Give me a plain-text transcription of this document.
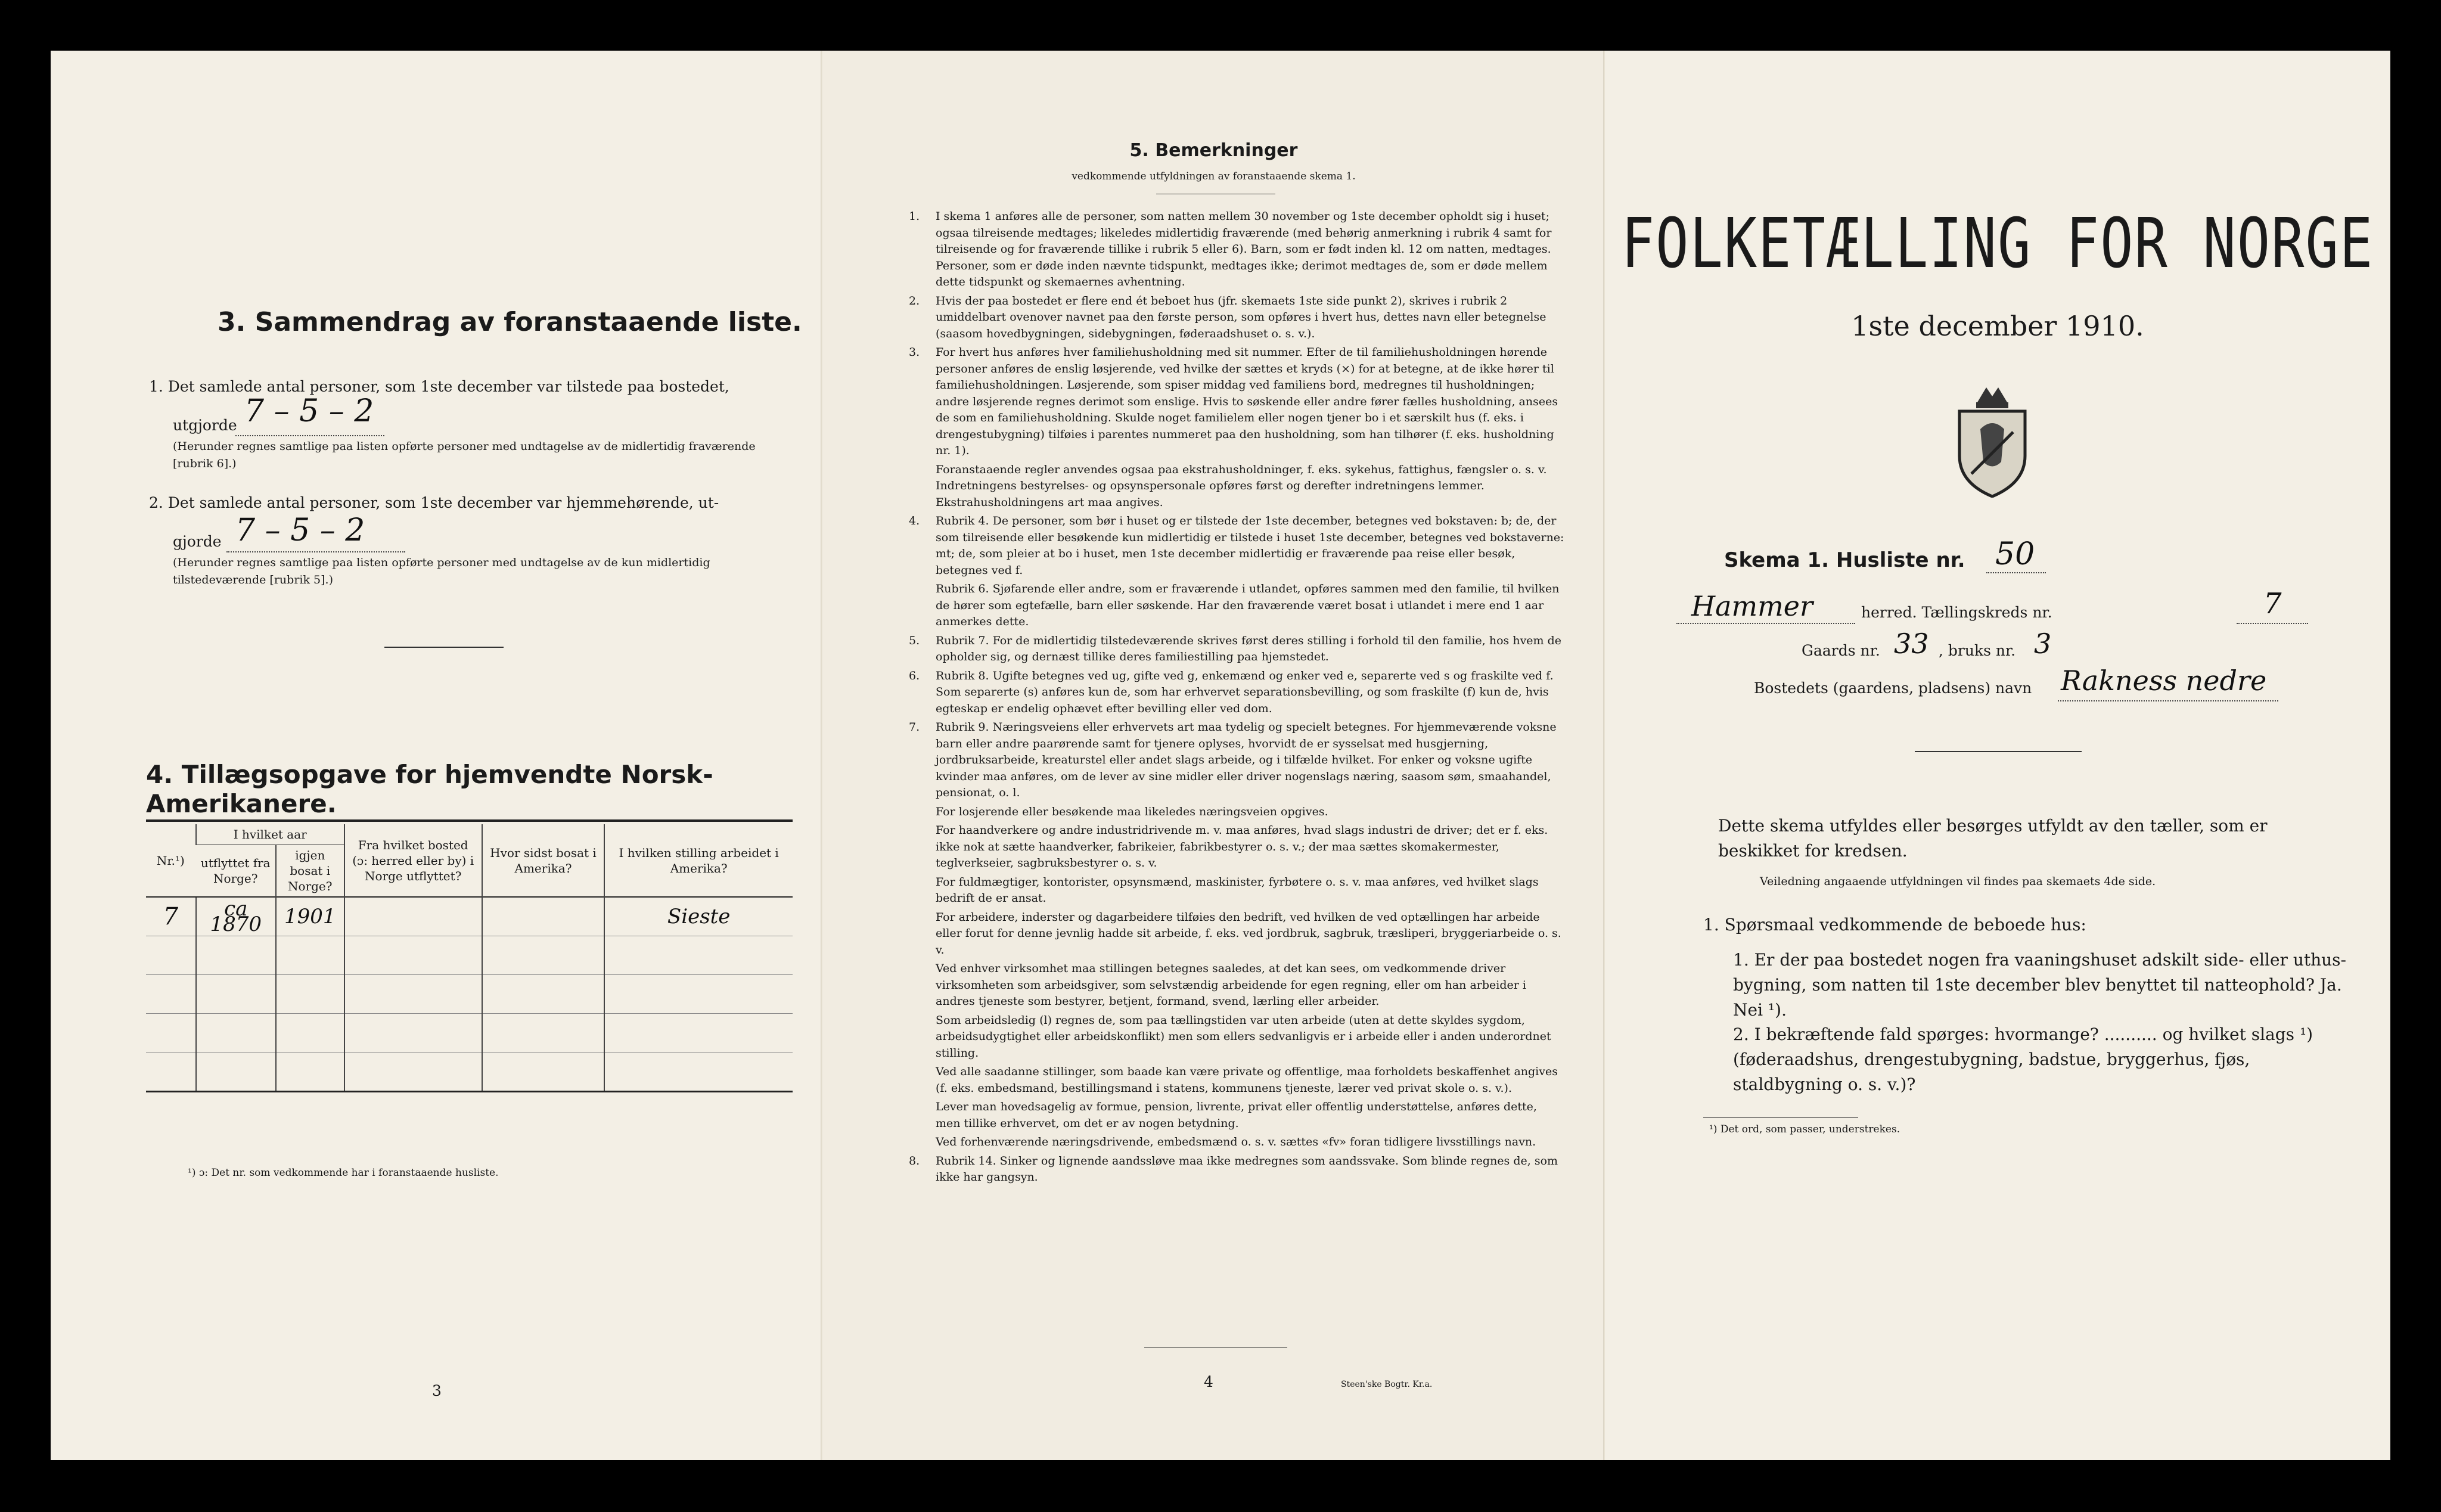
3. Sammendrag av foranstaaende liste.
1. Det samlede antal personer, som 1ste december var tilstede paa bostedet,
utgjorde 7 – 5 – 2
(Herunder regnes samtlige paa listen opførte personer med undtagelse av de midlertidig fraværende [rubrik 6].)
2. Det samlede antal personer, som 1ste december var hjemmehørende, ut-
gjorde 7 – 5 – 2
(Herunder regnes samtlige paa listen opførte personer med undtagelse av de kun midlertidig tilstedeværende [rubrik 5].)
4. Tillægsopgave for hjemvendte Norsk-Amerikanere.
Nr.¹)	I hvilket aar		Fra hvilket bosted (ɔ: herred eller by) i Norge utflyttet?	Hvor sidst bosat i Amerika?	I hvilken stilling arbeidet i Amerika?
	utflyttet fra Norge?	igjen bosat i Norge?			
7	ca 1870	1901			Sieste

¹) ɔ: Det nr. som vedkommende har i foranstaaende husliste.
3
5. Bemerkninger
vedkommende utfyldningen av foranstaaende skema 1.
1. I skema 1 anføres alle de personer, som natten mellem 30 november og 1ste december opholdt sig i huset; ogsaa tilreisende medtages; likeledes midlertidig fraværende (med behørig anmerkning i rubrik 4 samt for tilreisende og for fraværende tillike i rubrik 5 eller 6). Barn, som er født inden kl. 12 om natten, medtages. Personer, som er døde inden nævnte tidspunkt, medtages ikke; derimot medtages de, som er døde mellem dette tidspunkt og skemaernes avhentning.
2. Hvis der paa bostedet er flere end ét beboet hus (jfr. skemaets 1ste side punkt 2), skrives i rubrik 2 umiddelbart ovenover navnet paa den første person, som opføres i hvert hus, dettes navn eller betegnelse (saasom hovedbygningen, sidebygningen, føderaadshuset o. s. v.).
3. For hvert hus anføres hver familiehusholdning med sit nummer. Efter de til familiehusholdningen hørende personer anføres de enslig løsjerende, ved hvilke der sættes et kryds (×) for at betegne, at de ikke hører til familiehusholdningen. Løsjerende, som spiser middag ved familiens bord, medregnes til husholdningen; andre løsjerende regnes derimot som enslige. Hvis to søskende eller andre fører fælles husholdning, ansees de som en familiehusholdning. Skulde noget familielem eller nogen tjener bo i et særskilt hus (f. eks. i drengestubygning) tilføies i parentes nummeret paa den husholdning, som han tilhører (f. eks. husholdning nr. 1).
Foranstaaende regler anvendes ogsaa paa ekstrahusholdninger, f. eks. sykehus, fattighus, fængsler o. s. v. Indretningens bestyrelses- og opsynspersonale opføres først og derefter indretningens lemmer. Ekstrahusholdningens art maa angives.
4. Rubrik 4. De personer, som bør i huset og er tilstede der 1ste december, betegnes ved bokstaven: b; de, der som tilreisende eller besøkende kun midlertidig er tilstede i huset 1ste december, betegnes ved bokstaverne: mt; de, som pleier at bo i huset, men 1ste december midlertidig er fraværende paa reise eller besøk, betegnes ved f.
Rubrik 6. Sjøfarende eller andre, som er fraværende i utlandet, opføres sammen med den familie, til hvilken de hører som egtefælle, barn eller søskende. Har den fraværende været bosat i utlandet i mere end 1 aar anmerkes dette.
5. Rubrik 7. For de midlertidig tilstedeværende skrives først deres stilling i forhold til den familie, hos hvem de opholder sig, og dernæst tillike deres familiestilling paa hjemstedet.
6. Rubrik 8. Ugifte betegnes ved ug, gifte ved g, enkemænd og enker ved e, separerte ved s og fraskilte ved f. Som separerte (s) anføres kun de, som har erhvervet separationsbevilling, og som fraskilte (f) kun de, hvis egteskap er endelig ophævet efter bevilling eller ved dom.
7. Rubrik 9. Næringsveiens eller erhvervets art maa tydelig og specielt betegnes. For hjemmeværende voksne barn eller andre paarørende samt for tjenere oplyses, hvorvidt de er sysselsat med husgjerning, jordbruksarbeide, kreaturstel eller andet slags arbeide, og i tilfælde hvilket. For enker og voksne ugifte kvinder maa anføres, om de lever av sine midler eller driver nogenslags næring, saasom søm, smaahandel, pensionat, o. l.
For losjerende eller besøkende maa likeledes næringsveien opgives.
For haandverkere og andre industridrivende m. v. maa anføres, hvad slags industri de driver; det er f. eks. ikke nok at sætte haandverker, fabrikeier, fabrikbestyrer o. s. v.; der maa sættes skomakermester, teglverkseier, sagbruksbestyrer o. s. v.
For fuldmægtiger, kontorister, opsynsmænd, maskinister, fyrbøtere o. s. v. maa anføres, ved hvilket slags bedrift de er ansat.
For arbeidere, inderster og dagarbeidere tilføies den bedrift, ved hvilken de ved optællingen har arbeide eller forut for denne jevnlig hadde sit arbeide, f. eks. ved jordbruk, sagbruk, træsliperi, bryggeriarbeide o. s. v.
Ved enhver virksomhet maa stillingen betegnes saaledes, at det kan sees, om vedkommende driver virksomheten som arbeidsgiver, som selvstændig arbeidende for egen regning, eller om han arbeider i andres tjeneste som bestyrer, betjent, formand, svend, lærling eller arbeider.
Som arbeidsledig (l) regnes de, som paa tællingstiden var uten arbeide (uten at dette skyldes sygdom, arbeidsudygtighet eller arbeidskonflikt) men som ellers sedvanligvis er i arbeide eller i anden underordnet stilling.
Ved alle saadanne stillinger, som baade kan være private og offentlige, maa forholdets beskaffenhet angives (f. eks. embedsmand, bestillingsmand i statens, kommunens tjeneste, lærer ved privat skole o. s. v.).
Lever man hovedsagelig av formue, pension, livrente, privat eller offentlig understøttelse, anføres dette, men tillike erhvervet, om det er av nogen betydning.
Ved forhenværende næringsdrivende, embedsmænd o. s. v. sættes «fv» foran tidligere livsstillings navn.
8. Rubrik 14. Sinker og lignende aandssløve maa ikke medregnes som aandssvake. Som blinde regnes de, som ikke har gangsyn.
4	Steen'ske Bogtr. Kr.a.
FOLKETÆLLING FOR NORGE
1ste december 1910.
Skema 1. Husliste nr. 50
Hammer	herred. Tællingskreds nr.	7
Gaards nr. 33 , bruks nr. 3
Bostedets (gaardens, pladsens) navn Rakness nedre
Dette skema utfyldes eller besørges utfyldt av den tæller, som er beskikket for kredsen.
Veiledning angaaende utfyldningen vil findes paa skemaets 4de side.
1. Spørsmaal vedkommende de beboede hus:
1. Er der paa bostedet nogen fra vaaningshuset adskilt side- eller uthus-bygning, som natten til 1ste december blev benyttet til natteophold? Ja. Nei ¹).
2. I bekræftende fald spørges: hvormange? .......... og hvilket slags ¹) (føderaadshus, drengestubygning, badstue, bryggerhus, fjøs, staldbygning o. s. v.)?
¹) Det ord, som passer, understrekes.
